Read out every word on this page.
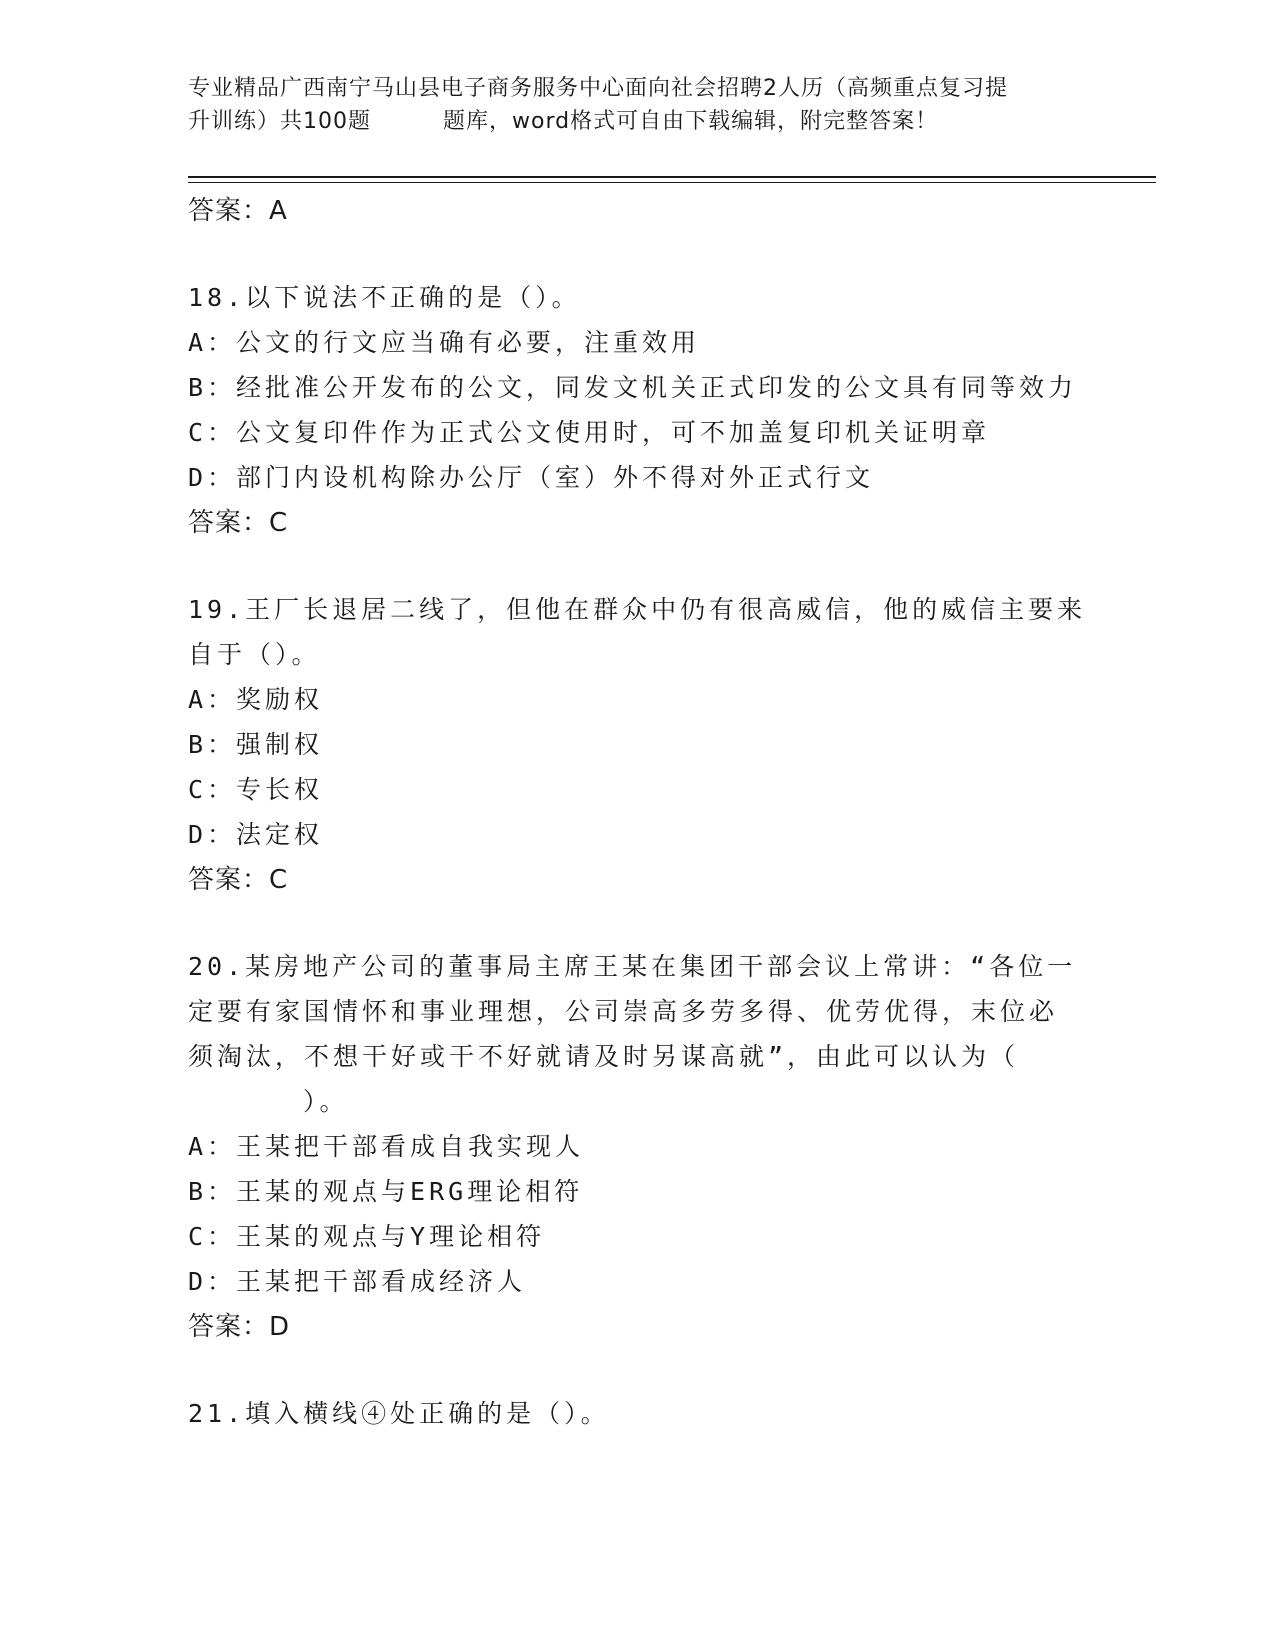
专业精品广西南宁马山县电子商务服务中心面向社会招聘2人历（高频重点复习提
升训练）共100题	题库，word格式可自由下载编辑，附完整答案！
答案：A
18.以下说法不正确的是（）。
A：公文的行文应当确有必要，注重效用
B：经批准公开发布的公文，同发文机关正式印发的公文具有同等效力
C：公文复印件作为正式公文使用时，可不加盖复印机关证明章
D：部门内设机构除办公厅（室）外不得对外正式行文
答案：C
19.王厂长退居二线了，但他在群众中仍有很高威信，他的威信主要来
自于（）。
A：奖励权
B：强制权
C：专长权
D：法定权
答案：C
20.某房地产公司的董事局主席王某在集团干部会议上常讲：“各位一
定要有家国情怀和事业理想，公司崇高多劳多得、优劳优得，末位必
须淘汰，不想干好或干不好就请及时另谋高就”，由此可以认为（
）。
A：王某把干部看成自我实现人
B：王某的观点与ERG理论相符
C：王某的观点与Y理论相符
D：王某把干部看成经济人
答案：D
21.填入横线④处正确的是（）。
